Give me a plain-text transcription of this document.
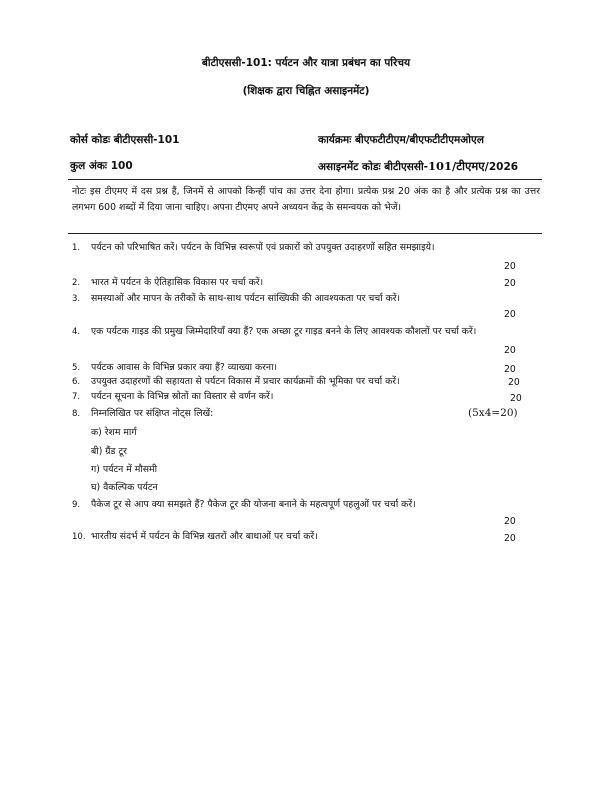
बीटीएससी-101: पर्यटन और यात्रा प्रबंधन का परिचय
(शिक्षक द्वारा चिह्नित असाइनमेंट)
कोर्स कोडः बीटीएससी-101	कार्यक्रमः बीएफटीटीएम/बीएफटीटीएमओएल
कुल अंकः 100	असाइनमेंट कोडः बीटीएससी-101/टीएमए/2026
नोटः इस टीएमए में दस प्रश्न हैं, जिनमें से आपको किन्हीं पांच का उत्तर देना होगा। प्रत्येक प्रश्न 20 अंक का है और प्रत्येक प्रश्न का उत्तर लगभग 600 शब्दों में दिया जाना चाहिए। अपना टीएमए अपने अध्ययन केंद्र के समन्वयक को भेजें।
1. पर्यटन को परिभाषित करें। पर्यटन के विभिन्न स्वरूपों एवं प्रकारों को उपयुक्त उदाहरणों सहित समझाइये।
20
2. भारत में पर्यटन के ऐतिहासिक विकास पर चर्चा करें।	20
3. समस्याओं और मापन के तरीकों के साथ-साथ पर्यटन सांख्यिकी की आवश्यकता पर चर्चा करें।
20
4. एक पर्यटक गाइड की प्रमुख जिम्मेदारियाँ क्या हैं? एक अच्छा टूर गाइड बनने के लिए आवश्यक कौशलों पर चर्चा करें।
20
5. पर्यटक आवास के विभिन्न प्रकार क्या हैं? व्याख्या करना।	20
6. उपयुक्त उदाहरणों की सहायता से पर्यटन विकास में प्रचार कार्यक्रमों की भूमिका पर चर्चा करें।	20
7. पर्यटन सूचना के विभिन्न स्रोतों का विस्तार से वर्णन करें।	20
8. निम्नलिखित पर संक्षिप्त नोट्स लिखें:	(5x4=20)
क) रेशम मार्ग
बी) ग्रैंड टूर
ग) पर्यटन में मौसमी
घ) वैकल्पिक पर्यटन
9. पैकेज टूर से आप क्या समझते हैं? पैकेज टूर की योजना बनाने के महत्वपूर्ण पहलुओं पर चर्चा करें।
20
10. भारतीय संदर्भ में पर्यटन के विभिन्न खतरों और बाधाओं पर चर्चा करें।	20
